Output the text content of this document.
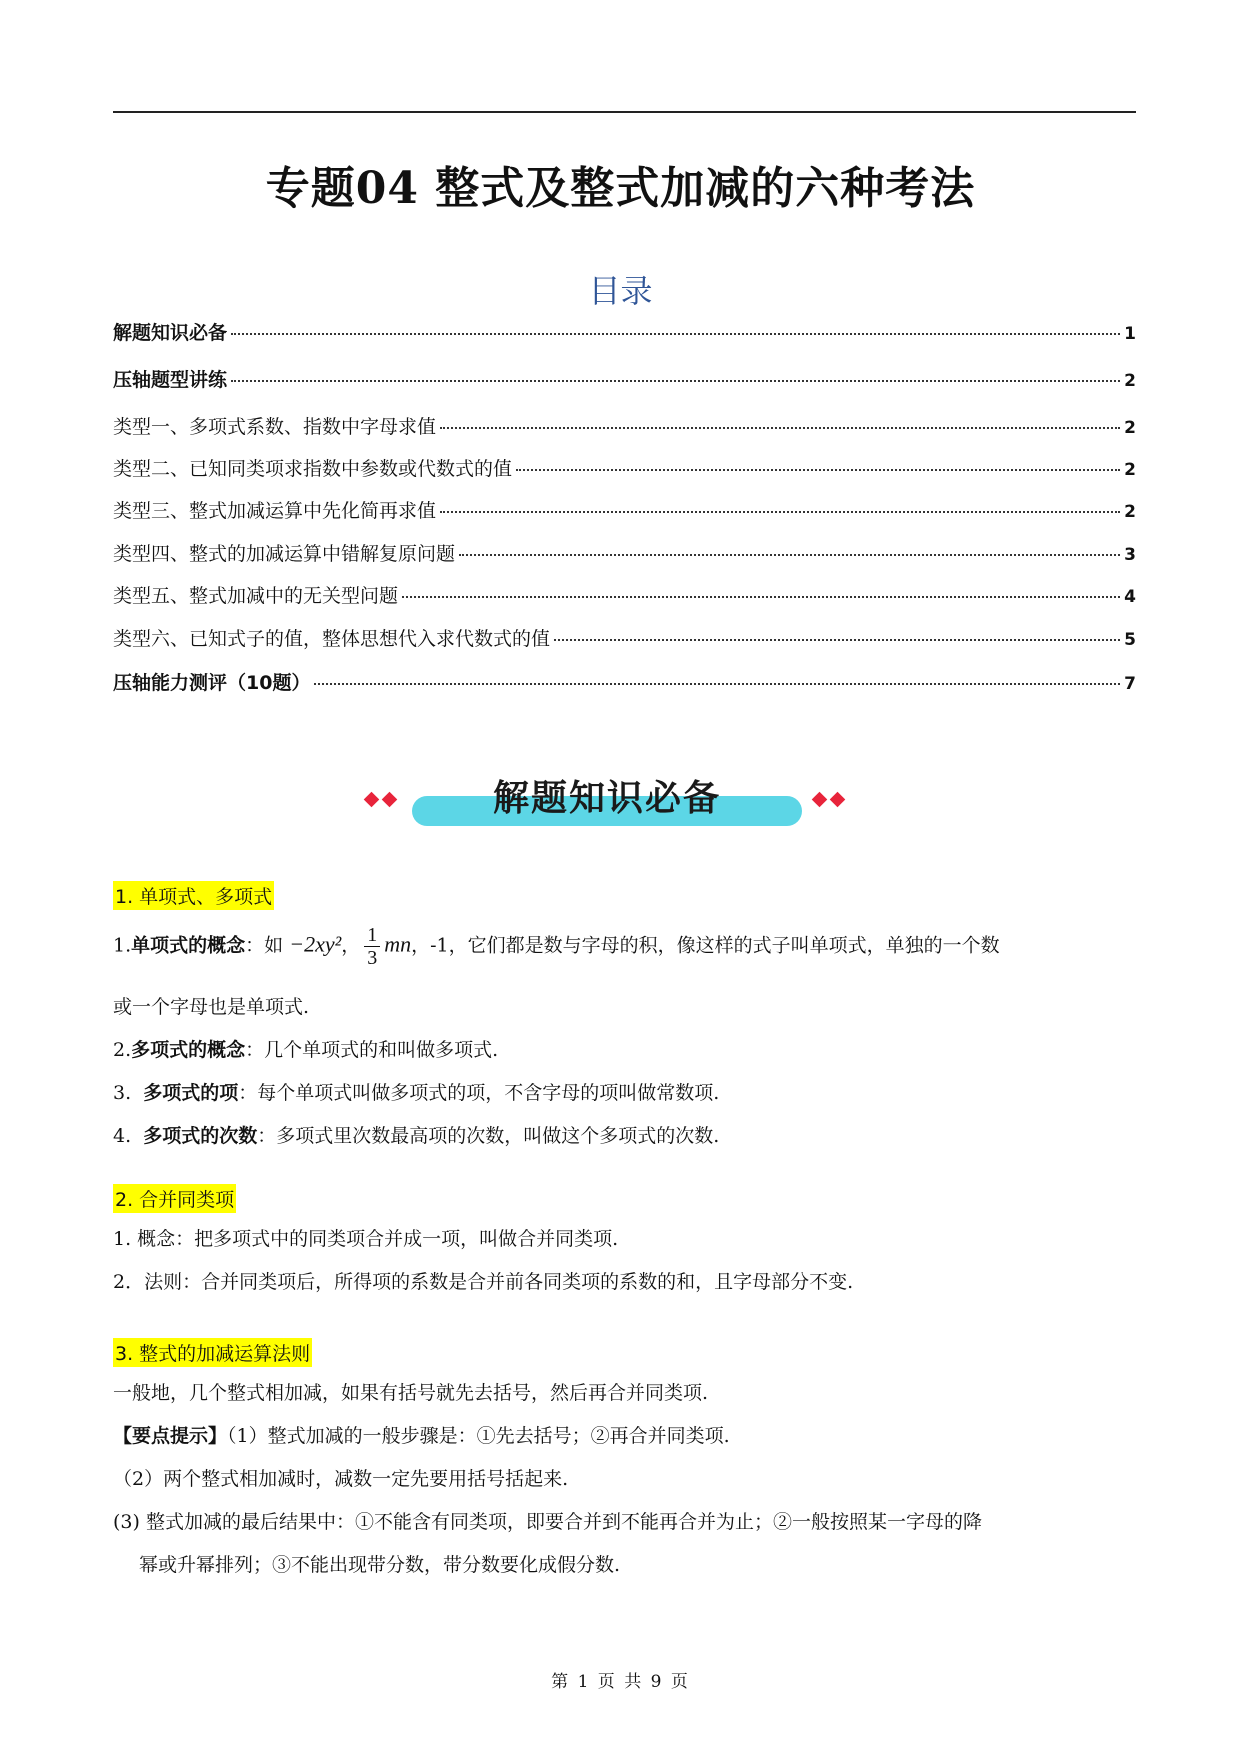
专题04 整式及整式加减的六种考法
目录
解题知识必备	1
压轴题型讲练	2
类型一、多项式系数、指数中字母求值	2
类型二、已知同类项求指数中参数或代数式的值	2
类型三、整式加减运算中先化简再求值	2
类型四、整式的加减运算中错解复原问题	3
类型五、整式加减中的无关型问题	4
类型六、已知式子的值，整体思想代入求代数式的值	5
压轴能力测评（10题）	7
解题知识必备
1. 单项式、多项式
1.单项式的概念：如 −2xy²， $\frac{1}{3}$ mn，-1，它们都是数与字母的积，像这样的式子叫单项式，单独的一个数
或一个字母也是单项式.
2.多项式的概念：几个单项式的和叫做多项式.
3. 多项式的项：每个单项式叫做多项式的项，不含字母的项叫做常数项.
4. 多项式的次数：多项式里次数最高项的次数，叫做这个多项式的次数.
2. 合并同类项
1. 概念：把多项式中的同类项合并成一项，叫做合并同类项.
2．法则：合并同类项后，所得项的系数是合并前各同类项的系数的和，且字母部分不变.
3. 整式的加减运算法则
一般地，几个整式相加减，如果有括号就先去括号，然后再合并同类项.
【要点提示】（1）整式加减的一般步骤是：①先去括号；②再合并同类项.
（2）两个整式相加减时，减数一定先要用括号括起来.
(3) 整式加减的最后结果中：①不能含有同类项，即要合并到不能再合并为止；②一般按照某一字母的降
幂或升幂排列；③不能出现带分数，带分数要化成假分数.
第 1 页 共 9 页
